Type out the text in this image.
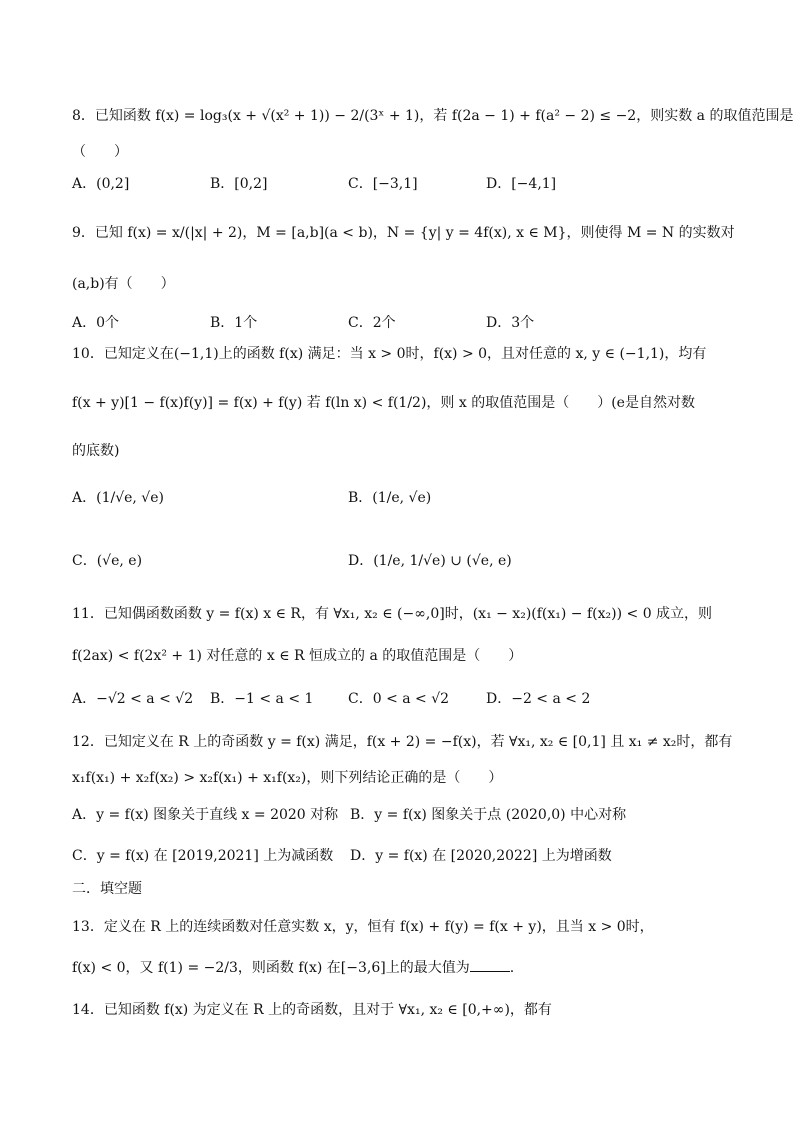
8．已知函数 f(x) = log₃(x + √(x² + 1)) − 2/(3ˣ + 1)，若 f(2a − 1) + f(a² − 2) ≤ −2，则实数 a 的取值范围是
（　　）
A．(0,2]	B．[0,2]	C．[−3,1]	D．[−4,1]
9．已知 f(x) = x/(|x| + 2)，M = [a,b](a < b)，N = {y| y = 4f(x), x ∈ M}，则使得 M = N 的实数对
(a,b)有（　　）
A．0个	B．1个	C．2个	D．3个
10．已知定义在(−1,1)上的函数 f(x) 满足：当 x > 0时，f(x) > 0，且对任意的 x, y ∈ (−1,1)，均有
f(x + y)[1 − f(x)f(y)] = f(x) + f(y) 若 f(ln x) < f(1/2)，则 x 的取值范围是（　　）(e是自然对数
的底数)
A．(1/√e, √e)	B．(1/e, √e)
C．(√e, e)	D．(1/e, 1/√e) ∪ (√e, e)
11．已知偶函数函数 y = f(x) x ∈ R，有 ∀x₁, x₂ ∈ (−∞,0]时，(x₁ − x₂)(f(x₁) − f(x₂)) < 0 成立，则
f(2ax) < f(2x² + 1) 对任意的 x ∈ R 恒成立的 a 的取值范围是（　　）
A．−√2 < a < √2 B．−1 < a < 1 C．0 < a < √2	D．−2 < a < 2
12．已知定义在 R 上的奇函数 y = f(x) 满足，f(x + 2) = −f(x)，若 ∀x₁, x₂ ∈ [0,1] 且 x₁ ≠ x₂时，都有
x₁f(x₁) + x₂f(x₂) > x₂f(x₁) + x₁f(x₂)，则下列结论正确的是（　　）
A．y = f(x) 图象关于直线 x = 2020 对称 B．y = f(x) 图象关于点 (2020,0) 中心对称
C．y = f(x) 在 [2019,2021] 上为减函数 D．y = f(x) 在 [2020,2022] 上为增函数
二．填空题
13．定义在 R 上的连续函数对任意实数 x，y，恒有 f(x) + f(y) = f(x + y)，且当 x > 0时，
f(x) < 0，又 f(1) = −2/3，则函数 f(x) 在[−3,6]上的最大值为	.
14．已知函数 f(x) 为定义在 R 上的奇函数，且对于 ∀x₁, x₂ ∈ [0,+∞)，都有
